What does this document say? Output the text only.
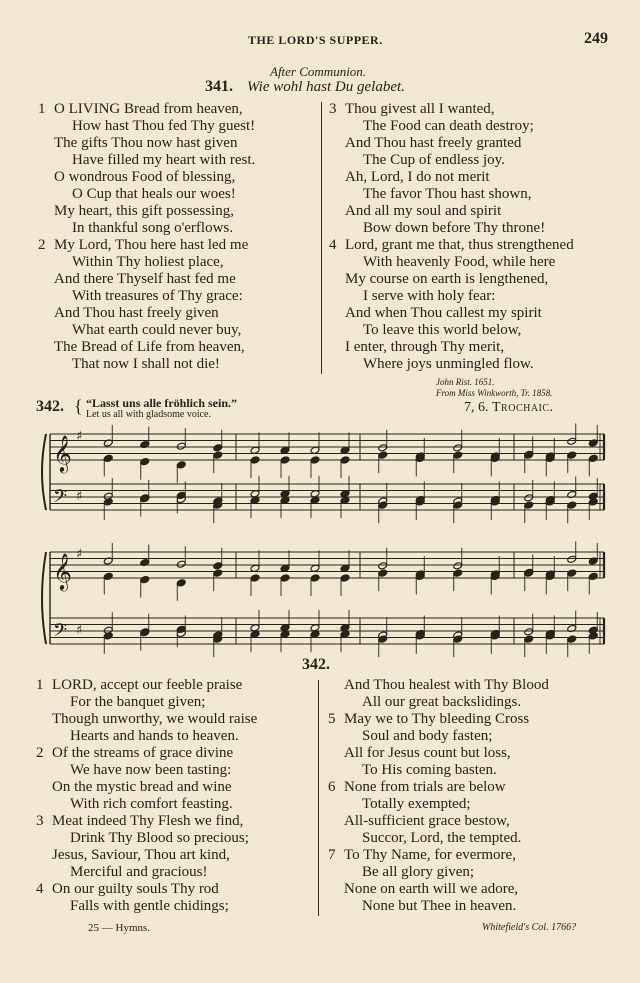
THE LORD'S SUPPER.	249
After Communion.
341. Wie wohl hast Du gelabet.
1 O LIVING Bread from heaven,
How hast Thou fed Thy guest!
The gifts Thou now hast given
Have filled my heart with rest.
O wondrous Food of blessing,
O Cup that heals our woes!
My heart, this gift possessing,
In thankful song o'erflows.
2 My Lord, Thou here hast led me
Within Thy holiest place,
And there Thyself hast fed me
With treasures of Thy grace:
And Thou hast freely given
What earth could never buy,
The Bread of Life from heaven,
That now I shall not die!
3 Thou givest all I wanted,
The Food can death destroy;
And Thou hast freely granted
The Cup of endless joy.
Ah, Lord, I do not merit
The favor Thou hast shown,
And all my soul and spirit
Bow down before Thy throne!
4 Lord, grant me that, thus strengthened
With heavenly Food, while here
My course on earth is lengthened,
I serve with holy fear:
And when Thou callest my spirit
To leave this world below,
I enter, through Thy merit,
Where joys unmingled flow.
John Rist. 1651.
From Miss Winkworth, Tr. 1858.
342. { “Lasst uns alle fröhlich sein.”
Let us all with gladsome voice.	7, 6. Trochaic.
𝄞
𝄢
♯
♯
𝄞
𝄢
♯
♯
342.
1 LORD, accept our feeble praise
For the banquet given;
Though unworthy, we would raise
Hearts and hands to heaven.
2 Of the streams of grace divine
We have now been tasting:
On the mystic bread and wine
With rich comfort feasting.
3 Meat indeed Thy Flesh we find,
Drink Thy Blood so precious;
Jesus, Saviour, Thou art kind,
Merciful and gracious!
4 On our guilty souls Thy rod
Falls with gentle chidings;
And Thou healest with Thy Blood
All our great backslidings.
5 May we to Thy bleeding Cross
Soul and body fasten;
All for Jesus count but loss,
To His coming basten.
6 None from trials are below
Totally exempted;
All-sufficient grace bestow,
Succor, Lord, the tempted.
7 To Thy Name, for evermore,
Be all glory given;
None on earth will we adore,
None but Thee in heaven.
25 — Hymns.	Whitefield's Col. 1766?
